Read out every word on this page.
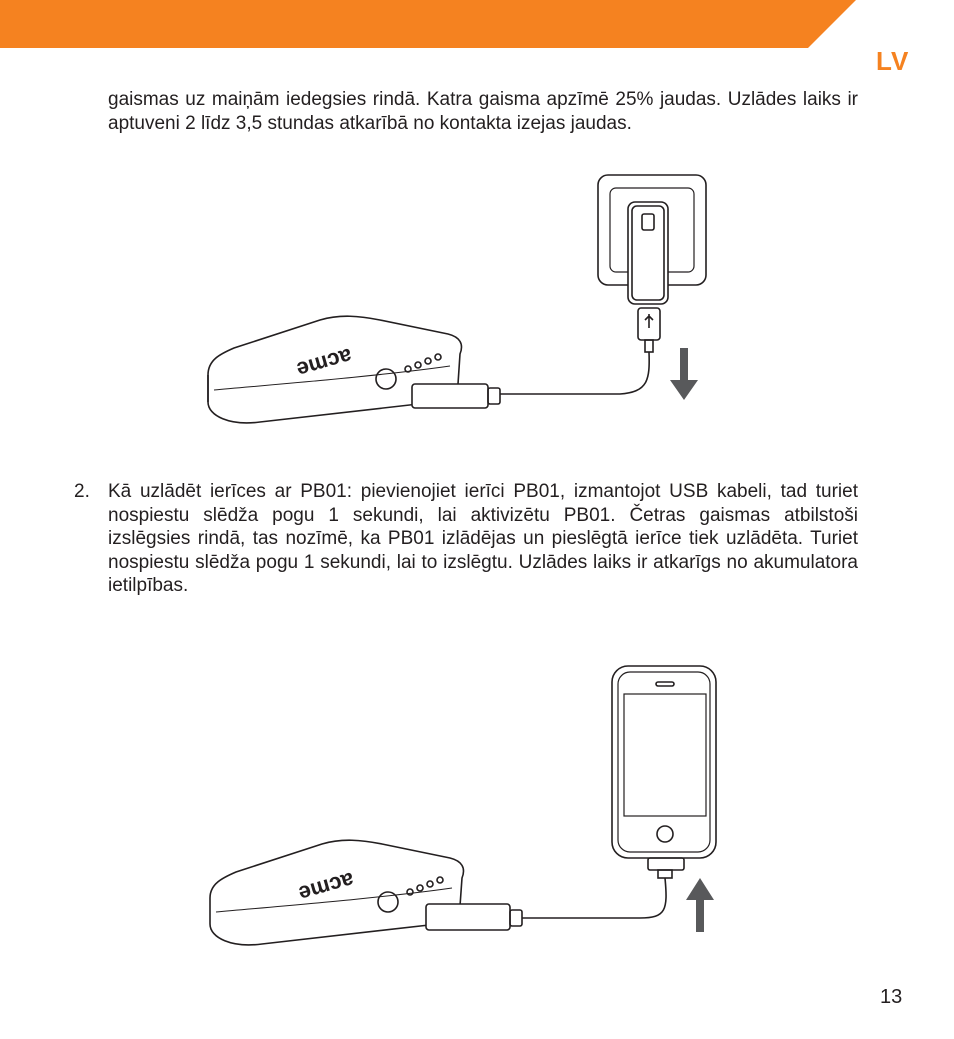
LV
gaismas uz maiņām iedegsies rindā. Katra gaisma apzīmē 25% jaudas. Uzlādes laiks ir aptuveni 2 līdz 3,5 stundas atkarībā no kontakta izejas jaudas.
acme
2. Kā uzlādēt ierīces ar PB01: pievienojiet ierīci PB01, izmantojot USB kabeli, tad turiet nospiestu slēdža pogu 1 sekundi, lai aktivizētu PB01. Četras gaismas atbilstoši izslēgsies rindā, tas nozīmē, ka PB01 izlādējas un pieslēgtā ierīce tiek uzlādēta. Turiet nospiestu slēdža pogu 1 sekundi, lai to izslēgtu. Uzlādes laiks ir atkarīgs no akumulatora ietilpības.
acme
13
